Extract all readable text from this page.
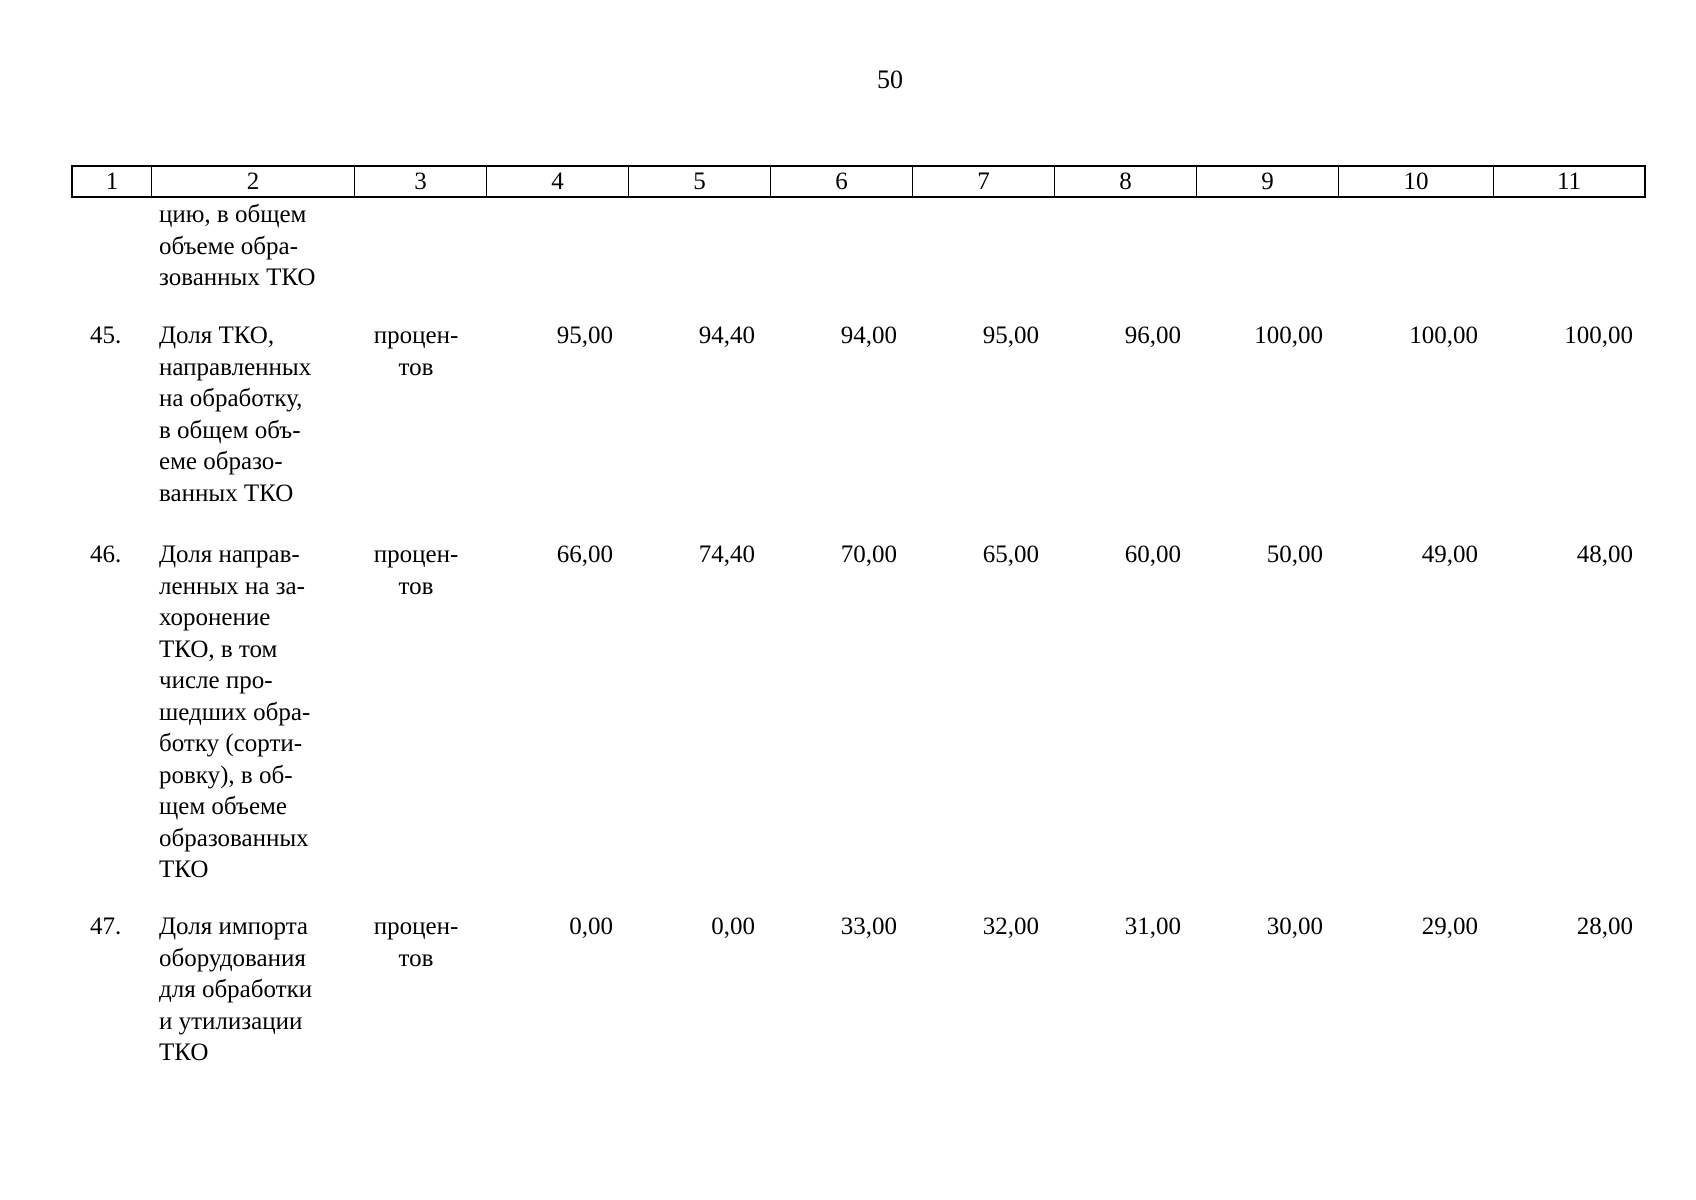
50
1	2	3	4	5	6	7	8	9	10	11
цию, в общем
объеме обра-
зованных ТКО
45.	Доля ТКО,
направленных
на обработку,
в общем объ-
еме образо-
ванных ТКО
процен-
тов
95,00	94,40	94,00	95,00	96,00	100,00	100,00	100,00
46.	Доля направ-
ленных на за-
хоронение
ТКО, в том
числе про-
шедших обра-
ботку (сорти-
ровку), в об-
щем объеме
образованных
ТКО
процен-
тов
66,00	74,40	70,00	65,00	60,00	50,00	49,00	48,00
47.	Доля импорта
оборудования
для обработки
и утилизации
ТКО
процен-
тов
0,00	0,00	33,00	32,00	31,00	30,00	29,00	28,00
